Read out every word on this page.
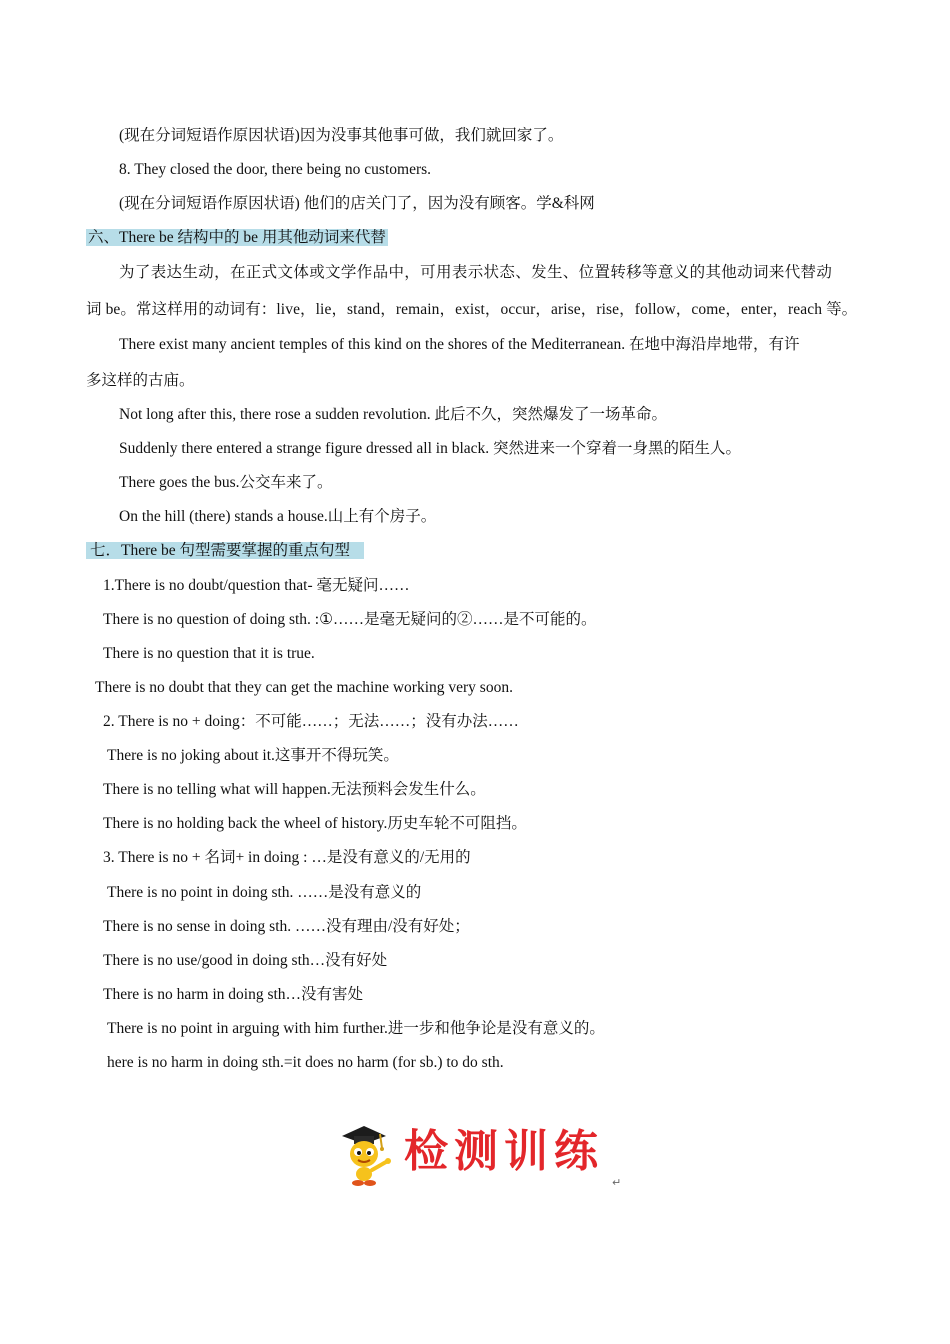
(现在分词短语作原因状语)因为没事其他事可做，我们就回家了。
8. They closed the door, there being no customers.
(现在分词短语作原因状语) 他们的店关门了，因为没有顾客。学&科网
六、There be 结构中的 be 用其他动词来代替
为了表达生动，在正式文体或文学作品中，可用表示状态、发生、位置转移等意义的其他动词来代替动
词 be。常这样用的动词有：live，lie，stand，remain，exist，occur，arise，rise，follow，come，enter，reach 等。
There exist many ancient temples of this kind on the shores of the Mediterranean. 在地中海沿岸地带，有许
多这样的古庙。
Not long after this, there rose a sudden revolution. 此后不久，突然爆发了一场革命。
Suddenly there entered a strange figure dressed all in black. 突然进来一个穿着一身黑的陌生人。
There goes the bus.公交车来了。
On the hill (there) stands a house.山上有个房子。
七．There be 句型需要掌握的重点句型
1.There is no doubt/question that- 毫无疑问……
There is no question of doing sth. :①……是毫无疑问的②……是不可能的。
There is no question that it is true.
There is no doubt that they can get the machine working very soon.
2. There is no + doing：不可能……；无法……；没有办法……
There is no joking about it.这事开不得玩笑。
There is no telling what will happen.无法预料会发生什么。
There is no holding back the wheel of history.历史车轮不可阻挡。
3. There is no + 名词+ in doing : …是没有意义的/无用的
There is no point in doing sth. ……是没有意义的
There is no sense in doing sth. ……没有理由/没有好处；
There is no use/good in doing sth…没有好处
There is no harm in doing sth…没有害处
There is no point in arguing with him further.进一步和他争论是没有意义的。
here is no harm in doing sth.=it does no harm (for sb.) to do sth.
检测训练
↵
